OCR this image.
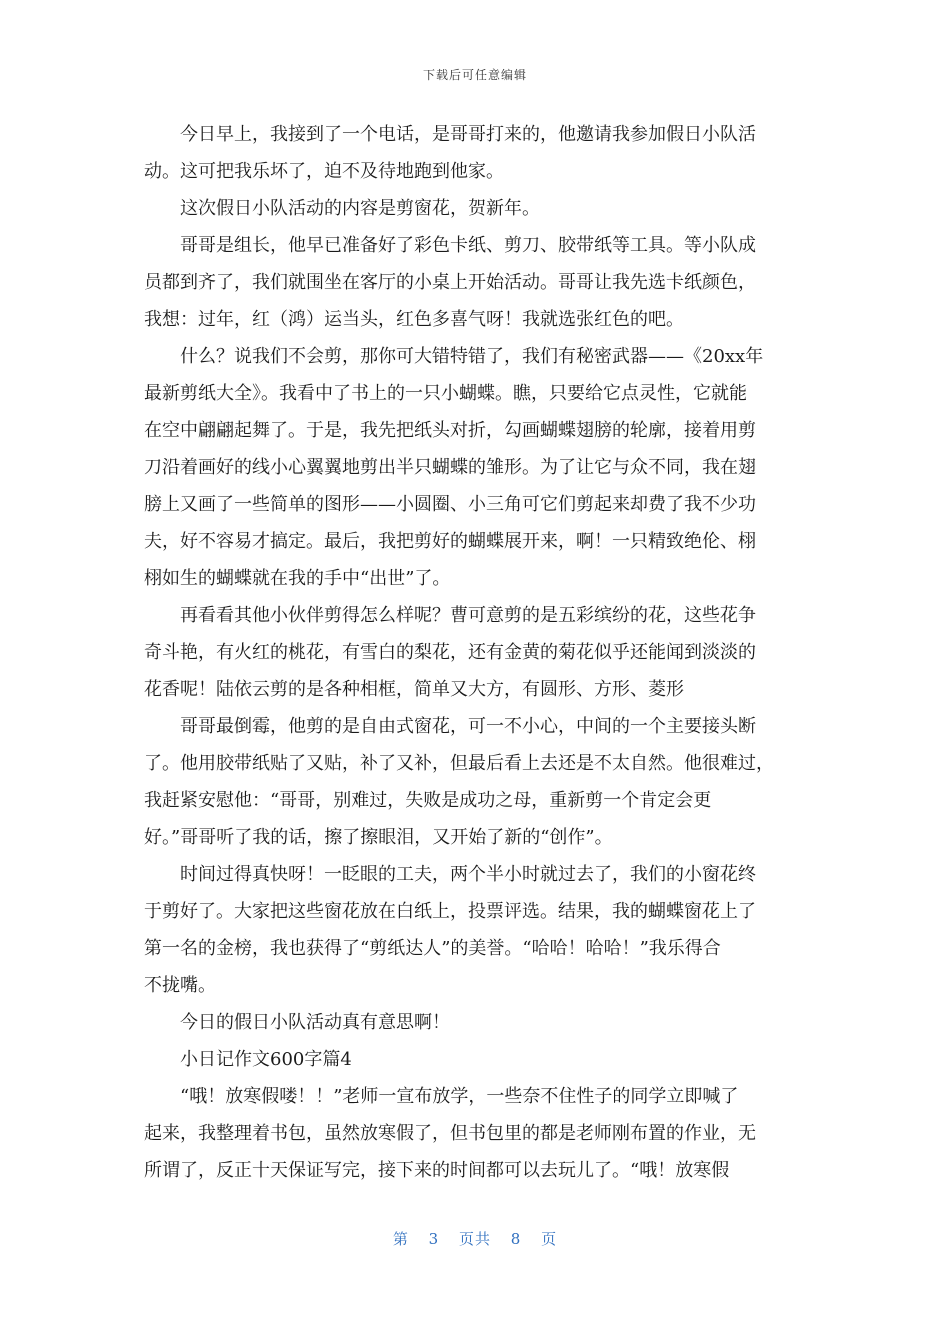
下载后可任意编辑
　　今日早上，我接到了一个电话，是哥哥打来的，他邀请我参加假日小队活
动。这可把我乐坏了，迫不及待地跑到他家。
　　这次假日小队活动的内容是剪窗花，贺新年。
　　哥哥是组长，他早已准备好了彩色卡纸、剪刀、胶带纸等工具。等小队成
员都到齐了，我们就围坐在客厅的小桌上开始活动。哥哥让我先选卡纸颜色，
我想：过年，红（鸿）运当头，红色多喜气呀！我就选张红色的吧。
　　什么？说我们不会剪，那你可大错特错了，我们有秘密武器——《20xx年
最新剪纸大全》。我看中了书上的一只小蝴蝶。瞧，只要给它点灵性，它就能
在空中翩翩起舞了。于是，我先把纸头对折，勾画蝴蝶翅膀的轮廓，接着用剪
刀沿着画好的线小心翼翼地剪出半只蝴蝶的雏形。为了让它与众不同，我在翅
膀上又画了一些简单的图形——小圆圈、小三角可它们剪起来却费了我不少功
夫，好不容易才搞定。最后，我把剪好的蝴蝶展开来，啊！一只精致绝伦、栩
栩如生的蝴蝶就在我的手中“出世”了。
　　再看看其他小伙伴剪得怎么样呢？曹可意剪的是五彩缤纷的花，这些花争
奇斗艳，有火红的桃花，有雪白的梨花，还有金黄的菊花似乎还能闻到淡淡的
花香呢！陆依云剪的是各种相框，简单又大方，有圆形、方形、菱形
　　哥哥最倒霉，他剪的是自由式窗花，可一不小心，中间的一个主要接头断
了。他用胶带纸贴了又贴，补了又补，但最后看上去还是不太自然。他很难过，
我赶紧安慰他：“哥哥，别难过，失败是成功之母，重新剪一个肯定会更
好。”哥哥听了我的话，擦了擦眼泪，又开始了新的“创作”。
　　时间过得真快呀！一眨眼的工夫，两个半小时就过去了，我们的小窗花终
于剪好了。大家把这些窗花放在白纸上，投票评选。结果，我的蝴蝶窗花上了
第一名的金榜，我也获得了“剪纸达人”的美誉。“哈哈！哈哈！”我乐得合
不拢嘴。
　　今日的假日小队活动真有意思啊！
　　小日记作文600字篇4
　　“哦！放寒假喽！！”老师一宣布放学，一些奈不住性子的同学立即喊了
起来，我整理着书包，虽然放寒假了，但书包里的都是老师刚布置的作业，无
所谓了，反正十天保证写完，接下来的时间都可以去玩儿了。“哦！放寒假
第 3 页共 8 页
